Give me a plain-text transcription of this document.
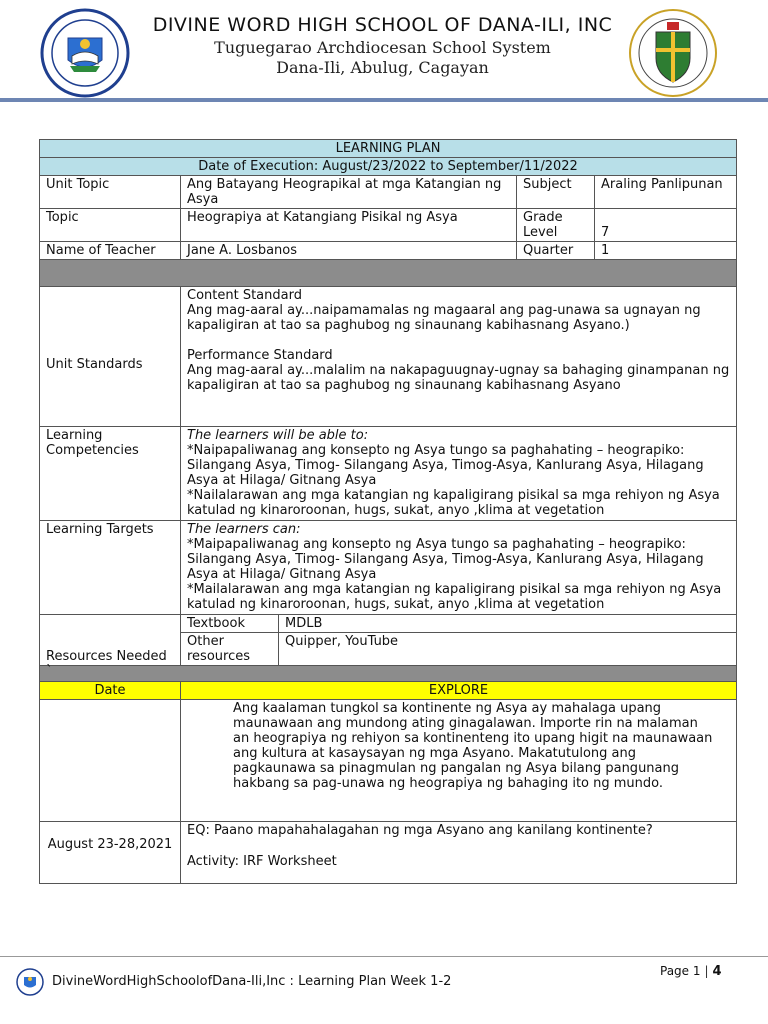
DIVINE WORD HIGH SCHOOL OF DANA-ILI, INC
Tuguegarao Archdiocesan School System
Dana-Ili, Abulug, Cagayan
LEARNING PLAN				
Date of Execution: August/23/2022 to September/11/2022				
Unit Topic	Ang Batayang Heograpikal at mga Katangian ng Asya		Subject	Araling Panlipunan
Topic	Heograpiya at Katangiang Pisikal ng Asya		Grade Level	7
Name of Teacher	Jane A. Losbanos		Quarter	1

Unit Standards	Content Standard
Ang mag-aaral ay...naipamamalas ng magaaral ang pag-unawa sa ugnayan ng kapaligiran at tao sa paghubog ng sinaunang kabihasnang Asyano.)
Performance Standard
Ang mag-aaral ay...malalim na nakapaguugnay-ugnay sa bahaging ginampanan ng kapaligiran at tao sa paghubog ng sinaunang kabihasnang Asyano			

Learning Competencies	The learners will be able to:
*Naipapaliwanag ang konsepto ng Asya tungo sa paghahating – heograpiko: Silangang Asya, Timog- Silangang Asya, Timog-Asya, Kanlurang Asya, Hilagang Asya at Hilaga/ Gitnang Asya
*Nailalarawan ang mga katangian ng kapaligirang pisikal sa mga rehiyon ng Asya katulad ng kinaroroonan, hugs, sukat, anyo ,klima at vegetation			

Learning Targets	The learners can:
*Maipapaliwanag ang konsepto ng Asya tungo sa paghahating – heograpiko: Silangang Asya, Timog- Silangang Asya, Timog-Asya, Kanlurang Asya, Hilagang Asya at Hilaga/ Gitnang Asya
*Mailalarawan ang mga katangian ng kapaligirang pisikal sa mga rehiyon ng Asya katulad ng kinaroroonan, hugs, sukat, anyo ,klima at vegetation			

Resources Needed	Textbook	MDLB		
	Other resources	Quipper, YouTube		
`				
Date	EXPLORE			
	Ang kaalaman tungkol sa kontinente ng Asya ay mahalaga upang maunawaan ang mundong ating ginagalawan. Importe rin na malaman an heograpiya ng rehiyon sa kontinenteng ito upang higit na maunawaan ang kultura at kasaysayan ng mga Asyano. Makatutulong ang pagkaunawa sa pinagmulan ng pangalan ng Asya bilang pangunang hakbang sa pag-unawa ng heograpiya ng bahaging ito ng mundo.			
August 23-28,2021	EQ: Paano mapahahalagahan ng mga Asyano ang kanilang kontinente?
Activity: IRF Worksheet			
DivineWordHighSchoolofDana-Ili,Inc : Learning Plan Week 1-2
Page 1 | 4
